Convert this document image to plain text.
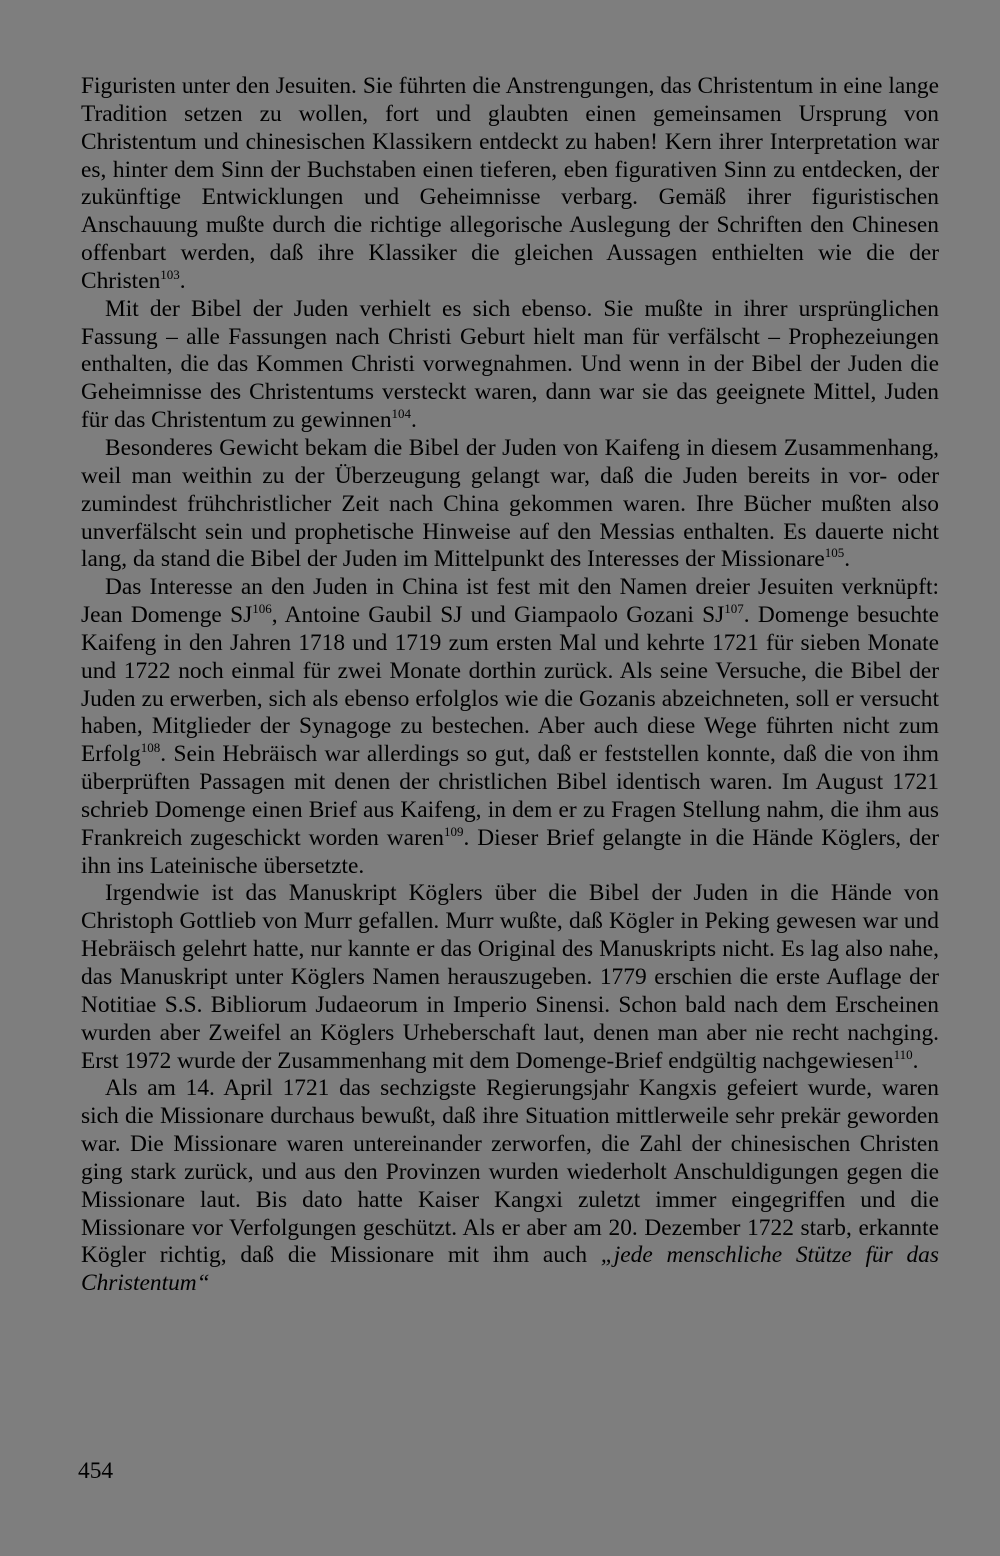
Figuristen unter den Jesuiten. Sie führten die Anstrengungen, das Christentum in eine lange Tradition setzen zu wollen, fort und glaubten einen gemeinsamen Ursprung von Christentum und chinesischen Klassikern entdeckt zu haben! Kern ihrer Interpretation war es, hinter dem Sinn der Buchstaben einen tieferen, eben figurativen Sinn zu entdecken, der zukünftige Entwicklungen und Geheimnisse verbarg. Gemäß ihrer figuristischen Anschauung mußte durch die richtige allegorische Auslegung der Schriften den Chinesen offenbart werden, daß ihre Klassiker die gleichen Aussagen enthielten wie die der Christen$^{103}$.

Mit der Bibel der Juden verhielt es sich ebenso. Sie mußte in ihrer ursprünglichen Fassung – alle Fassungen nach Christi Geburt hielt man für verfälscht – Prophezeiungen enthalten, die das Kommen Christi vorwegnahmen. Und wenn in der Bibel der Juden die Geheimnisse des Christentums versteckt waren, dann war sie das geeignete Mittel, Juden für das Christentum zu gewinnen$^{104}$.

Besonderes Gewicht bekam die Bibel der Juden von Kaifeng in diesem Zusammenhang, weil man weithin zu der Überzeugung gelangt war, daß die Juden bereits in vor- oder zumindest frühchristlicher Zeit nach China gekommen waren. Ihre Bücher mußten also unverfälscht sein und prophetische Hinweise auf den Messias enthalten. Es dauerte nicht lang, da stand die Bibel der Juden im Mittelpunkt des Interesses der Missionare$^{105}$.

Das Interesse an den Juden in China ist fest mit den Namen dreier Jesuiten verknüpft: Jean Domenge SJ$^{106}$, Antoine Gaubil SJ und Giampaolo Gozani SJ$^{107}$. Domenge besuchte Kaifeng in den Jahren 1718 und 1719 zum ersten Mal und kehrte 1721 für sieben Monate und 1722 noch einmal für zwei Monate dorthin zurück. Als seine Versuche, die Bibel der Juden zu erwerben, sich als ebenso erfolglos wie die Gozanis abzeichneten, soll er versucht haben, Mitglieder der Synagoge zu bestechen. Aber auch diese Wege führten nicht zum Erfolg$^{108}$. Sein Hebräisch war allerdings so gut, daß er feststellen konnte, daß die von ihm überprüften Passagen mit denen der christlichen Bibel identisch waren. Im August 1721 schrieb Domenge einen Brief aus Kaifeng, in dem er zu Fragen Stellung nahm, die ihm aus Frankreich zugeschickt worden waren$^{109}$. Dieser Brief gelangte in die Hände Köglers, der ihn ins Lateinische übersetzte.

Irgendwie ist das Manuskript Köglers über die Bibel der Juden in die Hände von Christoph Gottlieb von Murr gefallen. Murr wußte, daß Kögler in Peking gewesen war und Hebräisch gelehrt hatte, nur kannte er das Original des Manuskripts nicht. Es lag also nahe, das Manuskript unter Köglers Namen herauszugeben. 1779 erschien die erste Auflage der Notitiae S.S. Bibliorum Judaeorum in Imperio Sinensi. Schon bald nach dem Erscheinen wurden aber Zweifel an Köglers Urheberschaft laut, denen man aber nie recht nachging. Erst 1972 wurde der Zusammenhang mit dem Domenge-Brief endgültig nachgewiesen$^{110}$.

Als am 14. April 1721 das sechzigste Regierungsjahr Kangxis gefeiert wurde, waren sich die Missionare durchaus bewußt, daß ihre Situation mittlerweile sehr prekär geworden war. Die Missionare waren untereinander zerworfen, die Zahl der chinesischen Christen ging stark zurück, und aus den Provinzen wurden wiederholt Anschuldigungen gegen die Missionare laut. Bis dato hatte Kaiser Kangxi zuletzt immer eingegriffen und die Missionare vor Verfolgungen geschützt. Als er aber am 20. Dezember 1722 starb, erkannte Kögler richtig, daß die Missionare mit ihm auch „jede menschliche Stütze für das Christentum“

454
